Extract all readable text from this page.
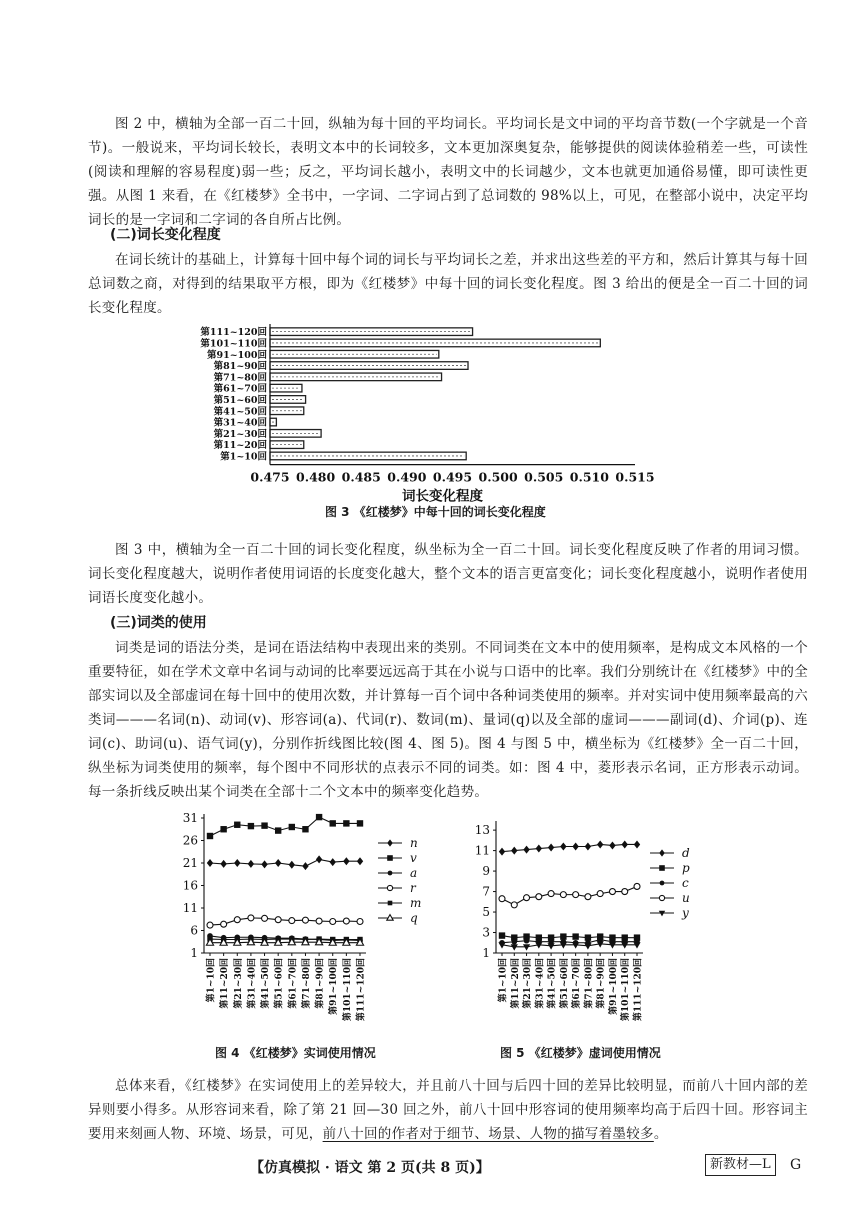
图 2 中，横轴为全部一百二十回，纵轴为每十回的平均词长。平均词长是文中词的平均音节数(一个字就是一个音节)。一般说来，平均词长较长，表明文本中的长词较多，文本更加深奥复杂，能够提供的阅读体验稍差一些，可读性(阅读和理解的容易程度)弱一些；反之，平均词长越小，表明文中的长词越少，文本也就更加通俗易懂，即可读性更强。从图 1 来看，在《红楼梦》全书中，一字词、二字词占到了总词数的 98%以上，可见，在整部小说中，决定平均词长的是一字词和二字词的各自所占比例。

(二)词长变化程度

在词长统计的基础上，计算每十回中每个词的词长与平均词长之差，并求出这些差的平方和，然后计算其与每十回总词数之商，对得到的结果取平方根，即为《红楼梦》中每十回的词长变化程度。图 3 给出的便是全一百二十回的词长变化程度。

第111~120回
第101~110回
第91~100回
第81~90回
第71~80回
第61~70回
第51~60回
第41~50回
第31~40回
第21~30回
第11~20回
第1~10回
0.475 0.480 0.485 0.490 0.495 0.500 0.505 0.510 0.515
词长变化程度
图 3 《红楼梦》中每十回的词长变化程度

图 3 中，横轴为全一百二十回的词长变化程度，纵坐标为全一百二十回。词长变化程度反映了作者的用词习惯。词长变化程度越大，说明作者使用词语的长度变化越大，整个文本的语言更富变化；词长变化程度越小，说明作者使用词语长度变化越小。

(三)词类的使用

词类是词的语法分类，是词在语法结构中表现出来的类别。不同词类在文本中的使用频率，是构成文本风格的一个重要特征，如在学术文章中名词与动词的比率要远远高于其在小说与口语中的比率。我们分别统计在《红楼梦》中的全部实词以及全部虚词在每十回中的使用次数，并计算每一百个词中各种词类使用的频率。并对实词中使用频率最高的六类词———名词(n)、动词(v)、形容词(a)、代词(r)、数词(m)、量词(q)以及全部的虚词———副词(d)、介词(p)、连词(c)、助词(u)、语气词(y)，分别作折线图比较(图 4、图 5)。图 4 与图 5 中，横坐标为《红楼梦》全一百二十回，纵坐标为词类使用的频率，每个图中不同形状的点表示不同的词类。如：图 4 中，菱形表示名词，正方形表示动词。每一条折线反映出某个词类在全部十二个文本中的频率变化趋势。

1
6
11
16
21
26
31
第1~10回 第11~20回 第21~30回 第31~40回 第41~50回 第51~60回 第61~70回 第71~80回 第81~90回 第91~100回 第101~110回 第111~120回
n
v
a
r
m
q
图 4 《红楼梦》实词使用情况
1
3
5
7
9
11
13
第1~10回 第11~20回 第21~30回 第31~40回 第41~50回 第51~60回 第61~70回 第71~80回 第81~90回 第91~100回 第101~110回 第111~120回
d
p
c
u
y
图 5 《红楼梦》虚词使用情况

总体来看，《红楼梦》在实词使用上的差异较大，并且前八十回与后四十回的差异比较明显，而前八十回内部的差异则要小得多。从形容词来看，除了第 21 回—30 回之外，前八十回中形容词的使用频率均高于后四十回。形容词主要用来刻画人物、环境、场景，可见，前八十回的作者对于细节、场景、人物的描写着墨较多。

【仿真模拟 · 语文 第 2 页(共 8 页)】	新教材—L	G
